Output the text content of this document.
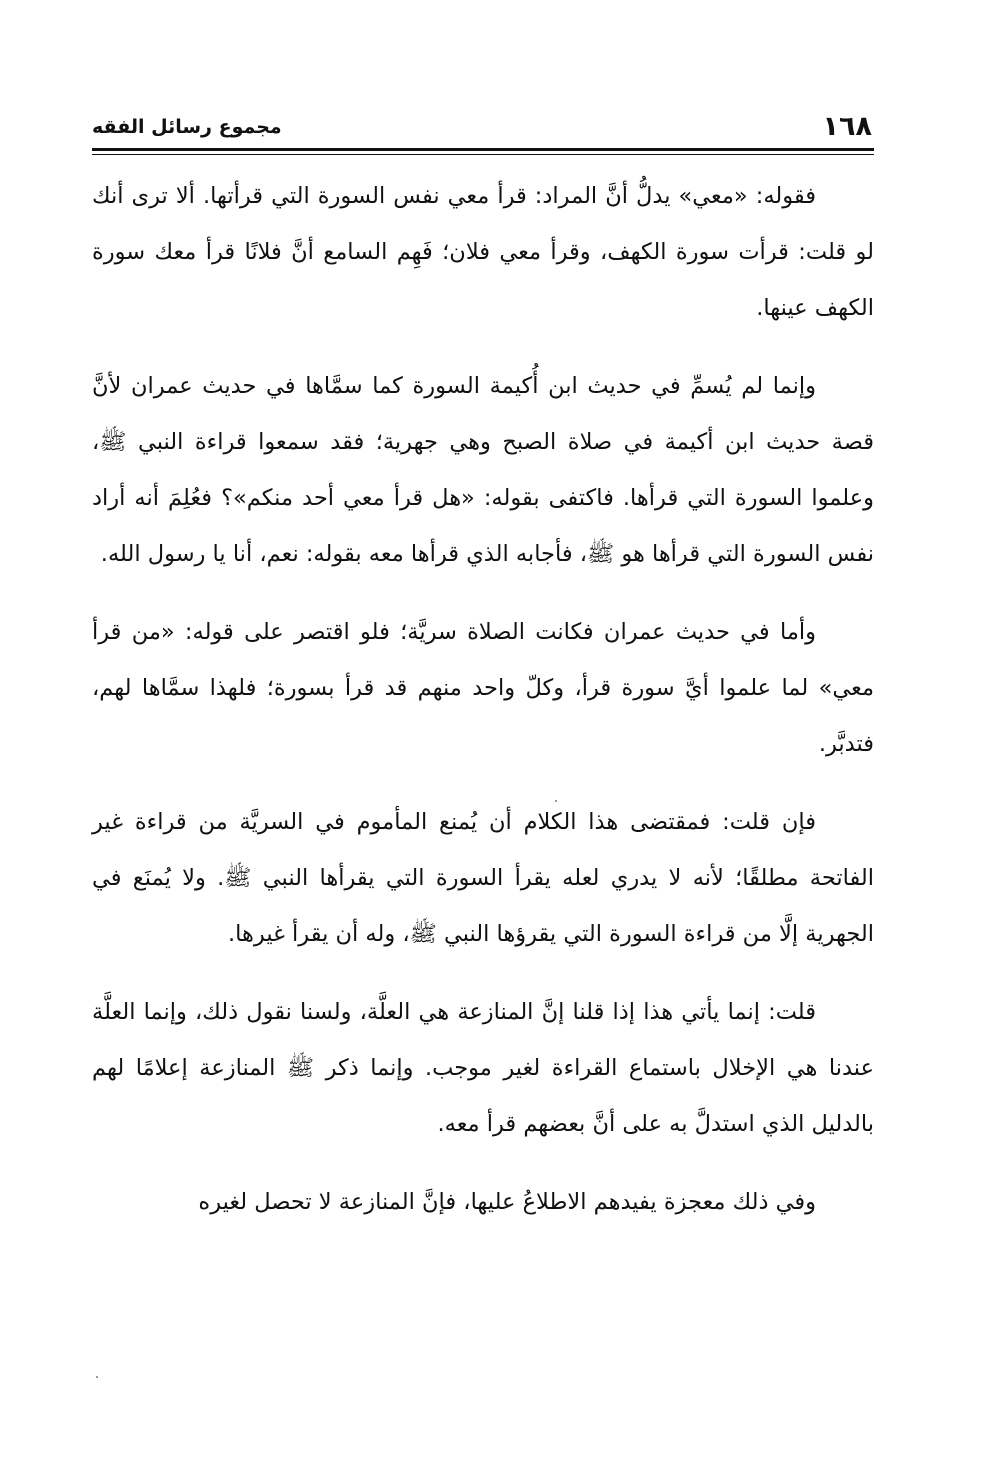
١٦٨
مجموع رسائل الفقه

فقوله: «معي» يدلُّ أنَّ المراد: قرأ معي نفس السورة التي قرأتها. ألا ترى أنك لو قلت: قرأت سورة الكهف، وقرأ معي فلان؛ فَهِم السامع أنَّ فلانًا قرأ معك سورة الكهف عينها.

وإنما لم يُسمِّ في حديث ابن أُكيمة السورة كما سمَّاها في حديث عمران لأنَّ قصة حديث ابن أكيمة في صلاة الصبح وهي جهرية؛ فقد سمعوا قراءة النبي ﷺ، وعلموا السورة التي قرأها. فاكتفى بقوله: «هل قرأ معي أحد منكم»؟ فعُلِمَ أنه أراد نفس السورة التي قرأها هو ﷺ، فأجابه الذي قرأها معه بقوله: نعم، أنا يا رسول الله.

وأما في حديث عمران فكانت الصلاة سريَّة؛ فلو اقتصر على قوله: «من قرأ معي» لما علموا أيَّ سورة قرأ، وكلّ واحد منهم قد قرأ بسورة؛ فلهذا سمَّاها لهم، فتدبَّر.

فإن قلت: فمقتضى هذا الكلام أن يُمنع المأموم في السريَّة من قراءة غير الفاتحة مطلقًا؛ لأنه لا يدري لعله يقرأ السورة التي يقرأها النبي ﷺ. ولا يُمنَع في الجهرية إلَّا من قراءة السورة التي يقرؤها النبي ﷺ، وله أن يقرأ غيرها.

قلت: إنما يأتي هذا إذا قلنا إنَّ المنازعة هي العلَّة، ولسنا نقول ذلك، وإنما العلَّة عندنا هي الإخلال باستماع القراءة لغير موجب. وإنما ذكر ﷺ المنازعة إعلامًا لهم بالدليل الذي استدلَّ به على أنَّ بعضهم قرأ معه.

وفي ذلك معجزة يفيدهم الاطلاعُ عليها، فإنَّ المنازعة لا تحصل لغيره
